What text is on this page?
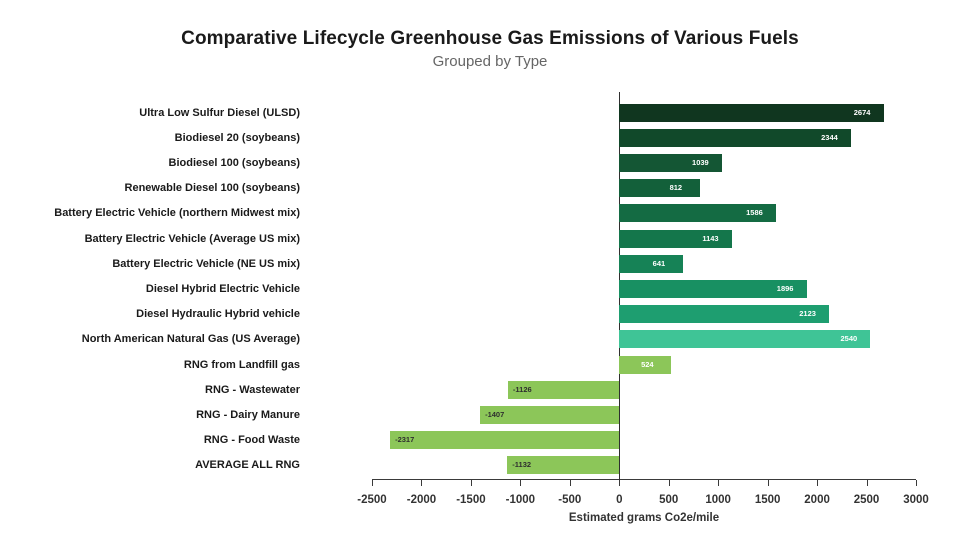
Comparative Lifecycle Greenhouse Gas Emissions of Various Fuels
Grouped by Type
-2500 -2000 -1500 -1000 -500	0	500 1000 1500 2000 2500 3000
Ultra Low Sulfur Diesel (ULSD)	2674
Biodiesel 20 (soybeans)	2344
Biodiesel 100 (soybeans)	1039
Renewable Diesel 100 (soybeans)	812
Battery Electric Vehicle (northern Midwest mix)	1586
Battery Electric Vehicle (Average US mix)	1143
Battery Electric Vehicle (NE US mix)	641
Diesel Hybrid Electric Vehicle	1896
Diesel Hydraulic Hybrid vehicle	2123
North American Natural Gas (US Average)	2540
RNG from Landfill gas	524
RNG - Wastewater	-1126
RNG - Dairy Manure	-1407
RNG - Food Waste	-2317
AVERAGE ALL RNG	-1132
Estimated grams Co2e/mile
